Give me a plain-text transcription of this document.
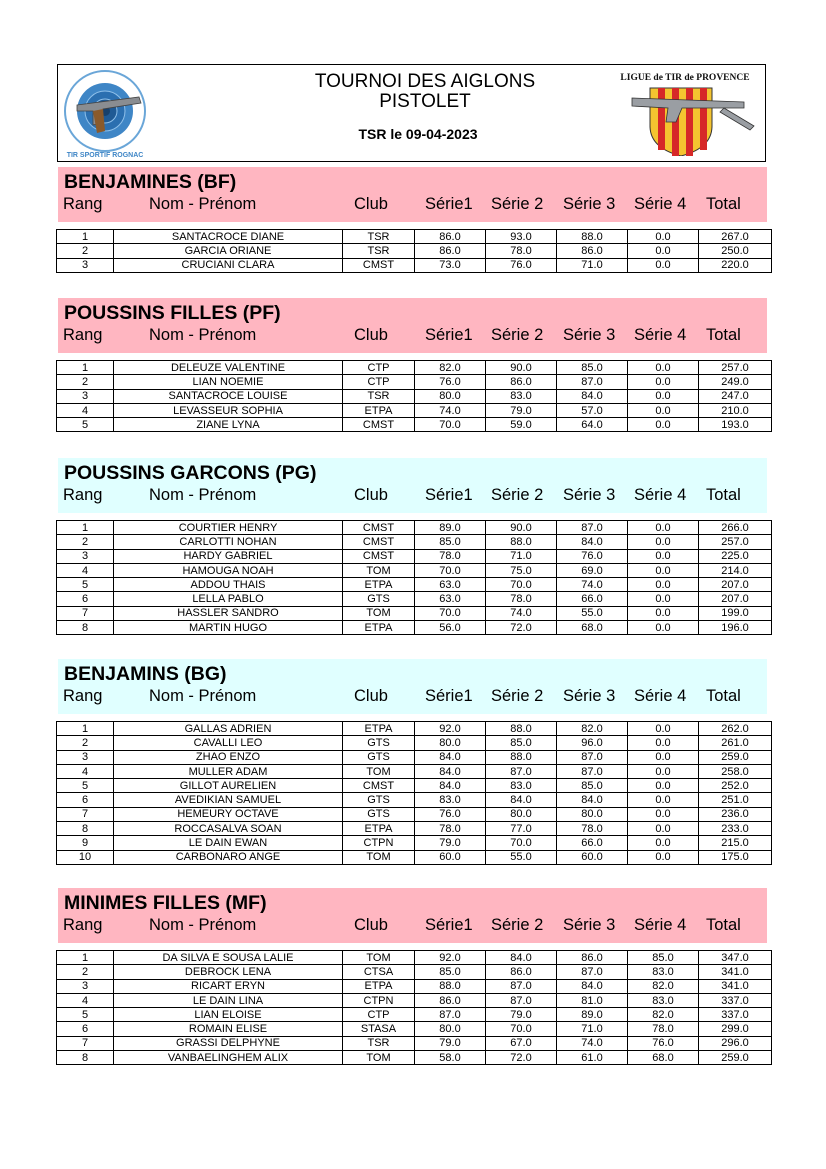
TIR SPORTIF ROGNAC
TOURNOI DES AIGLONS
PISTOLET
TSR le 09-04-2023
LIGUE de TIR de PROVENCE
BENJAMINES (BF)
Rang	Nom - Prénom	Club Série1 Série 2 Série 3 Série 4 Total
1	SANTACROCE DIANE	TSR	86.0	93.0	88.0	0.0	267.0
2	GARCIA ORIANE	TSR	86.0	78.0	86.0	0.0	250.0
3	CRUCIANI CLARA	CMST	73.0	76.0	71.0	0.0	220.0
POUSSINS FILLES (PF)
Rang	Nom - Prénom	Club Série1 Série 2 Série 3 Série 4 Total
1	DELEUZE VALENTINE	CTP	82.0	90.0	85.0	0.0	257.0
2	LIAN NOEMIE	CTP	76.0	86.0	87.0	0.0	249.0
3	SANTACROCE LOUISE	TSR	80.0	83.0	84.0	0.0	247.0
4	LEVASSEUR SOPHIA	ETPA	74.0	79.0	57.0	0.0	210.0
5	ZIANE LYNA	CMST	70.0	59.0	64.0	0.0	193.0
POUSSINS GARCONS (PG)
Rang	Nom - Prénom	Club Série1 Série 2 Série 3 Série 4 Total
1	COURTIER HENRY	CMST	89.0	90.0	87.0	0.0	266.0
2	CARLOTTI NOHAN	CMST	85.0	88.0	84.0	0.0	257.0
3	HARDY GABRIEL	CMST	78.0	71.0	76.0	0.0	225.0
4	HAMOUGA NOAH	TOM	70.0	75.0	69.0	0.0	214.0
5	ADDOU THAIS	ETPA	63.0	70.0	74.0	0.0	207.0
6	LELLA PABLO	GTS	63.0	78.0	66.0	0.0	207.0
7	HASSLER SANDRO	TOM	70.0	74.0	55.0	0.0	199.0
8	MARTIN HUGO	ETPA	56.0	72.0	68.0	0.0	196.0
BENJAMINS (BG)
Rang	Nom - Prénom	Club Série1 Série 2 Série 3 Série 4 Total
1	GALLAS ADRIEN	ETPA	92.0	88.0	82.0	0.0	262.0
2	CAVALLI LEO	GTS	80.0	85.0	96.0	0.0	261.0
3	ZHAO ENZO	GTS	84.0	88.0	87.0	0.0	259.0
4	MULLER ADAM	TOM	84.0	87.0	87.0	0.0	258.0
5	GILLOT AURELIEN	CMST	84.0	83.0	85.0	0.0	252.0
6	AVEDIKIAN SAMUEL	GTS	83.0	84.0	84.0	0.0	251.0
7	HEMEURY OCTAVE	GTS	76.0	80.0	80.0	0.0	236.0
8	ROCCASALVA SOAN	ETPA	78.0	77.0	78.0	0.0	233.0
9	LE DAIN EWAN	CTPN	79.0	70.0	66.0	0.0	215.0
10	CARBONARO ANGE	TOM	60.0	55.0	60.0	0.0	175.0
MINIMES FILLES (MF)
Rang	Nom - Prénom	Club Série1 Série 2 Série 3 Série 4 Total
1	DA SILVA E SOUSA LALIE	TOM	92.0	84.0	86.0	85.0	347.0
2	DEBROCK LENA	CTSA	85.0	86.0	87.0	83.0	341.0
3	RICART ERYN	ETPA	88.0	87.0	84.0	82.0	341.0
4	LE DAIN LINA	CTPN	86.0	87.0	81.0	83.0	337.0
5	LIAN ELOISE	CTP	87.0	79.0	89.0	82.0	337.0
6	ROMAIN ELISE	STASA	80.0	70.0	71.0	78.0	299.0
7	GRASSI DELPHYNE	TSR	79.0	67.0	74.0	76.0	296.0
8	VANBAELINGHEM ALIX	TOM	58.0	72.0	61.0	68.0	259.0
